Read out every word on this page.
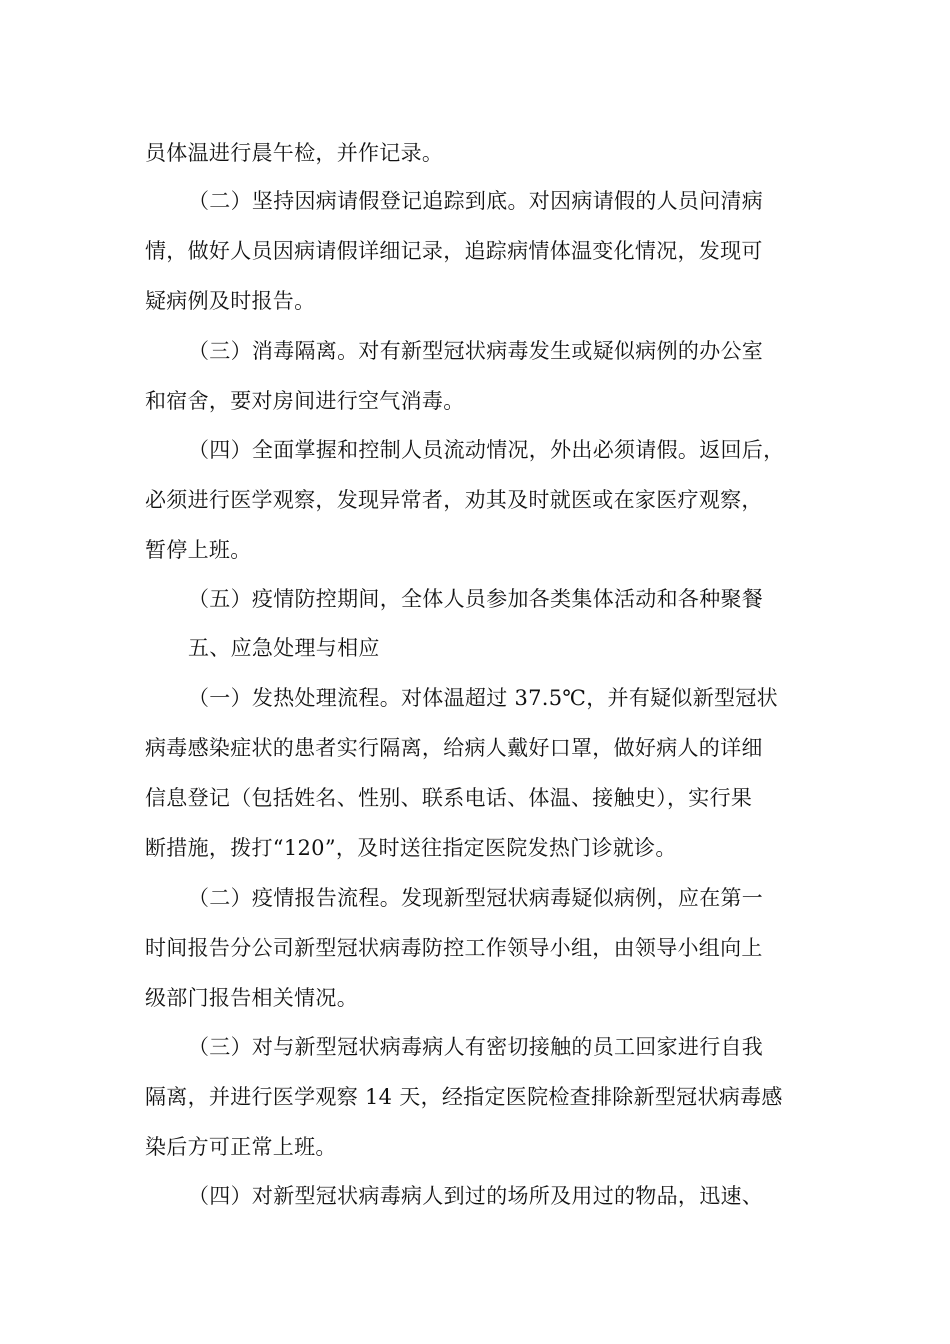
员体温进行晨午检，并作记录。
（二）坚持因病请假登记追踪到底。对因病请假的人员问清病
情，做好人员因病请假详细记录，追踪病情体温变化情况，发现可
疑病例及时报告。
（三）消毒隔离。对有新型冠状病毒发生或疑似病例的办公室
和宿舍，要对房间进行空气消毒。
（四）全面掌握和控制人员流动情况，外出必须请假。返回后，
必须进行医学观察，发现异常者，劝其及时就医或在家医疗观察，
暂停上班。
（五）疫情防控期间，全体人员参加各类集体活动和各种聚餐
五、应急处理与相应
（一）发热处理流程。对体温超过 37.5℃，并有疑似新型冠状
病毒感染症状的患者实行隔离，给病人戴好口罩，做好病人的详细
信息登记（包括姓名、性别、联系电话、体温、接触史），实行果
断措施，拨打“120”，及时送往指定医院发热门诊就诊。
（二）疫情报告流程。发现新型冠状病毒疑似病例，应在第一
时间报告分公司新型冠状病毒防控工作领导小组，由领导小组向上
级部门报告相关情况。
（三）对与新型冠状病毒病人有密切接触的员工回家进行自我
隔离，并进行医学观察 14 天，经指定医院检查排除新型冠状病毒感
染后方可正常上班。
（四）对新型冠状病毒病人到过的场所及用过的物品，迅速、
